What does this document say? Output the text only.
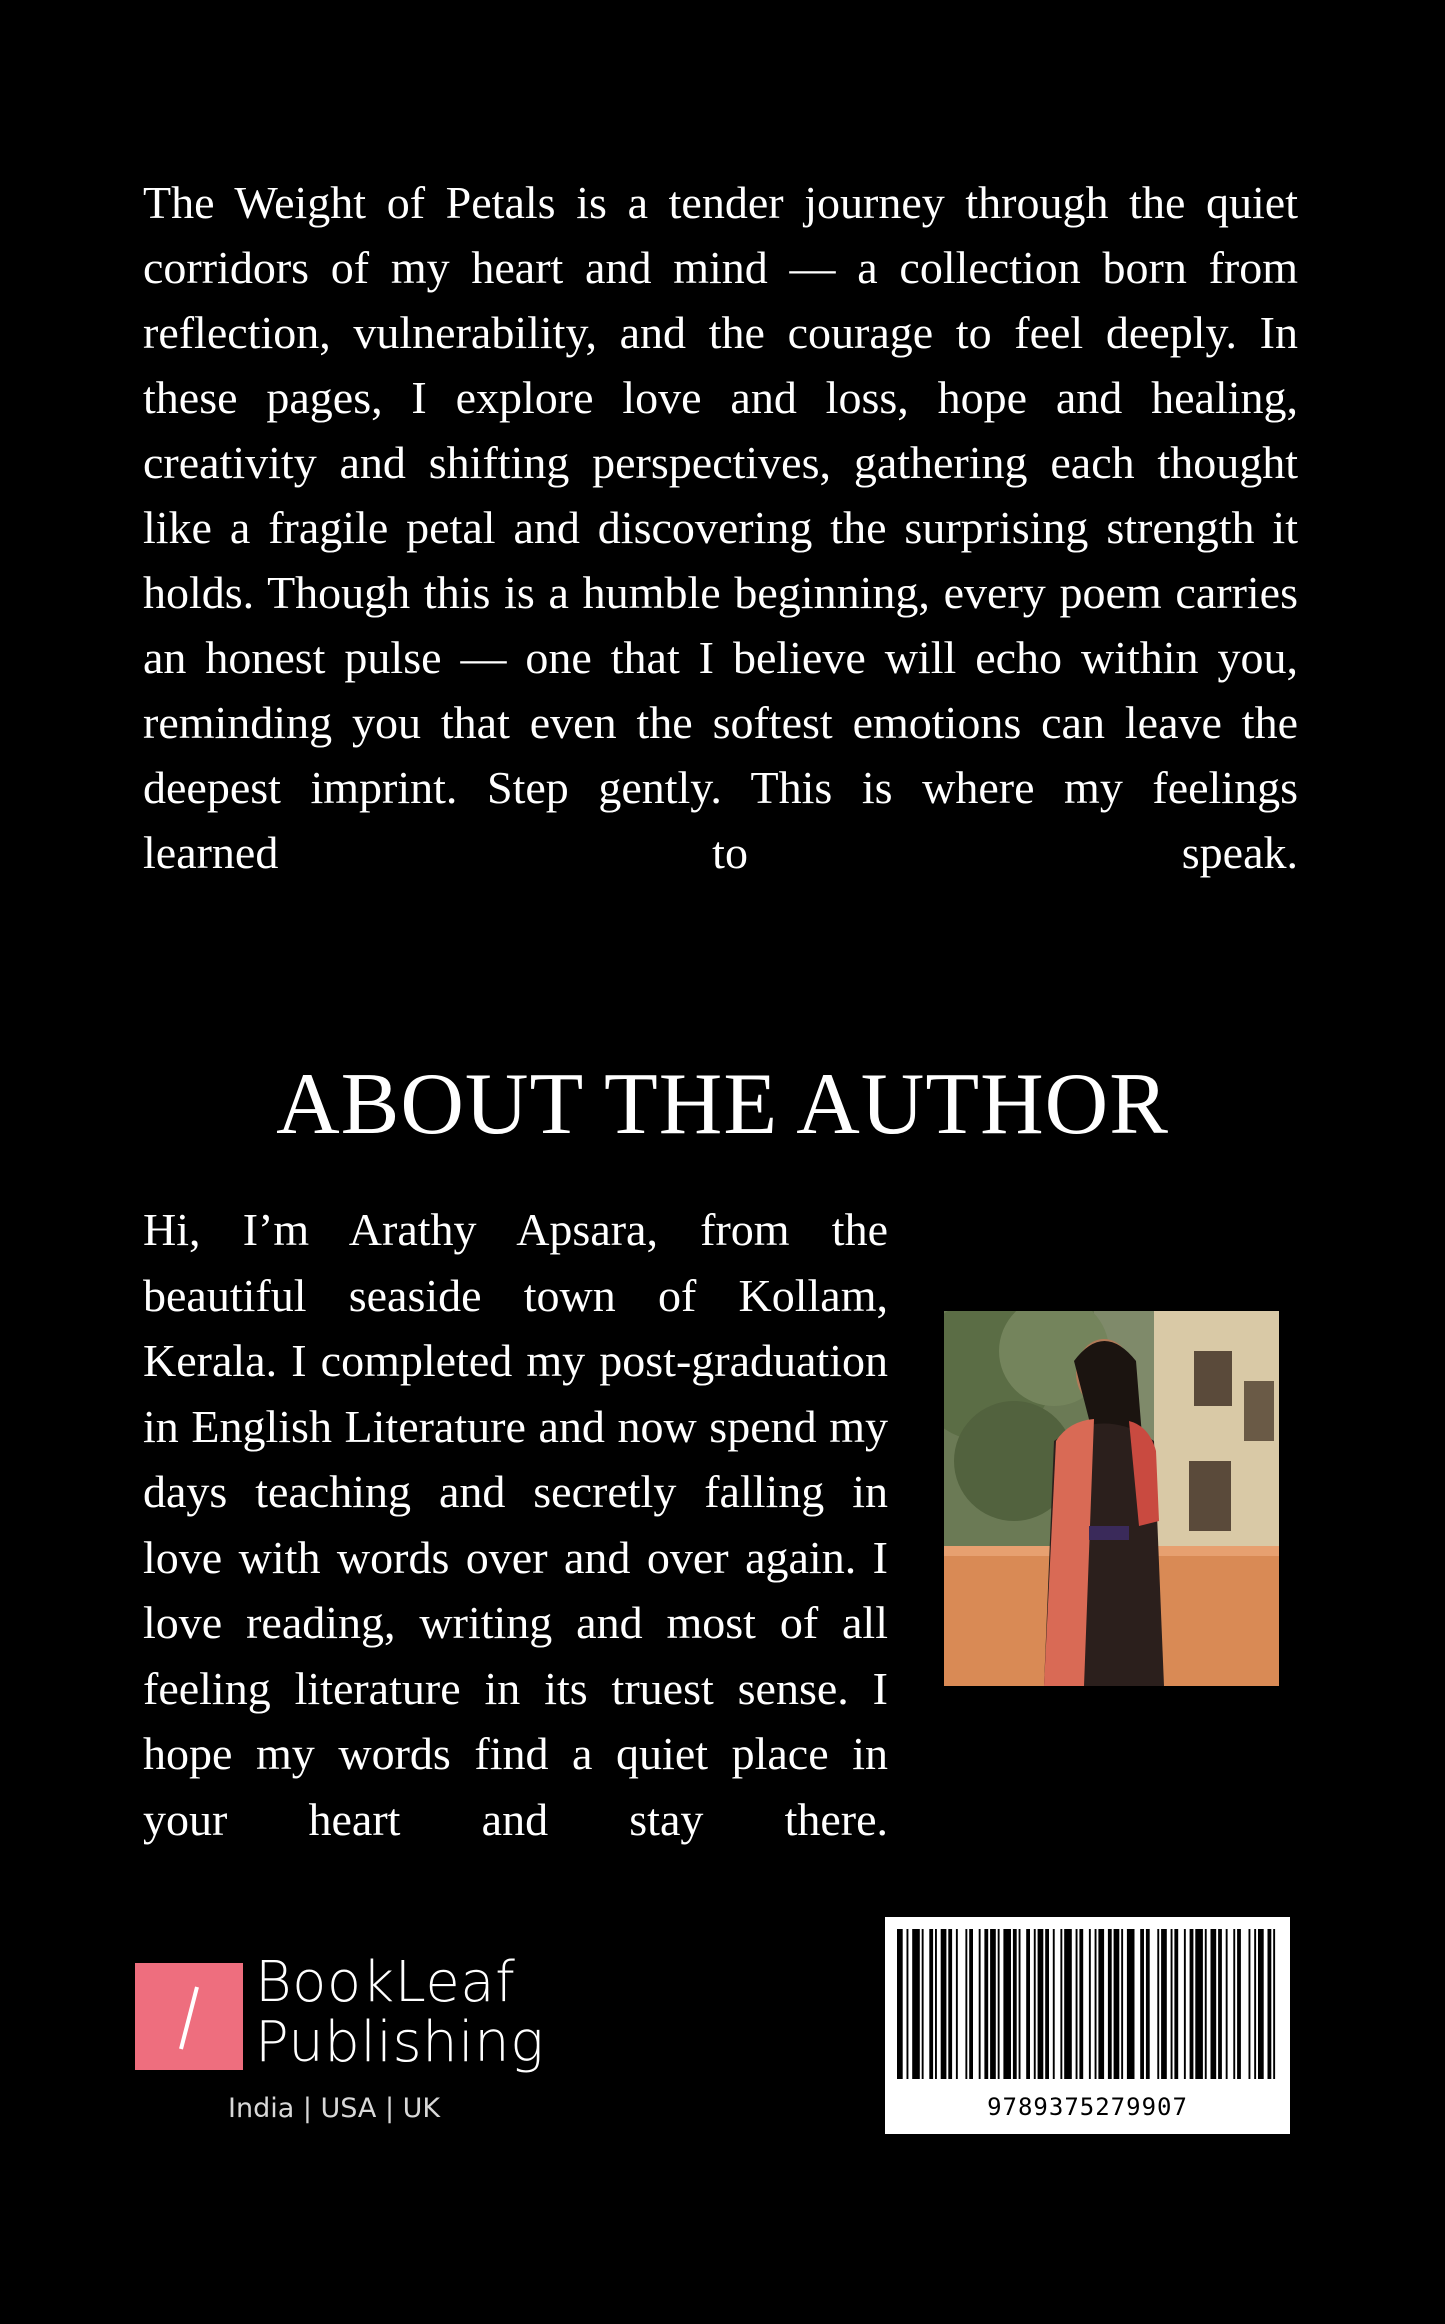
The Weight of Petals is a tender journey through the quiet corridors of my heart and mind — a collection born from reflection, vulnerability, and the courage to feel deeply. In these pages, I explore love and loss, hope and healing, creativity and shifting perspectives, gathering each thought like a fragile petal and discovering the surprising strength it holds. Though this is a humble beginning, every poem carries an honest pulse — one that I believe will echo within you, reminding you that even the softest emotions can leave the deepest imprint. Step gently. This is where my feelings learned to speak.

ABOUT THE AUTHOR

Hi, I’m Arathy Apsara, from the beautiful seaside town of Kollam, Kerala. I completed my post-graduation in English Literature and now spend my days teaching and secretly falling in love with words over and over again. I love reading, writing and most of all feeling literature in its truest sense. I hope my words find a quiet place in your heart and stay there.

BookLeaf
Publishing
India | USA | UK	9789375279907
